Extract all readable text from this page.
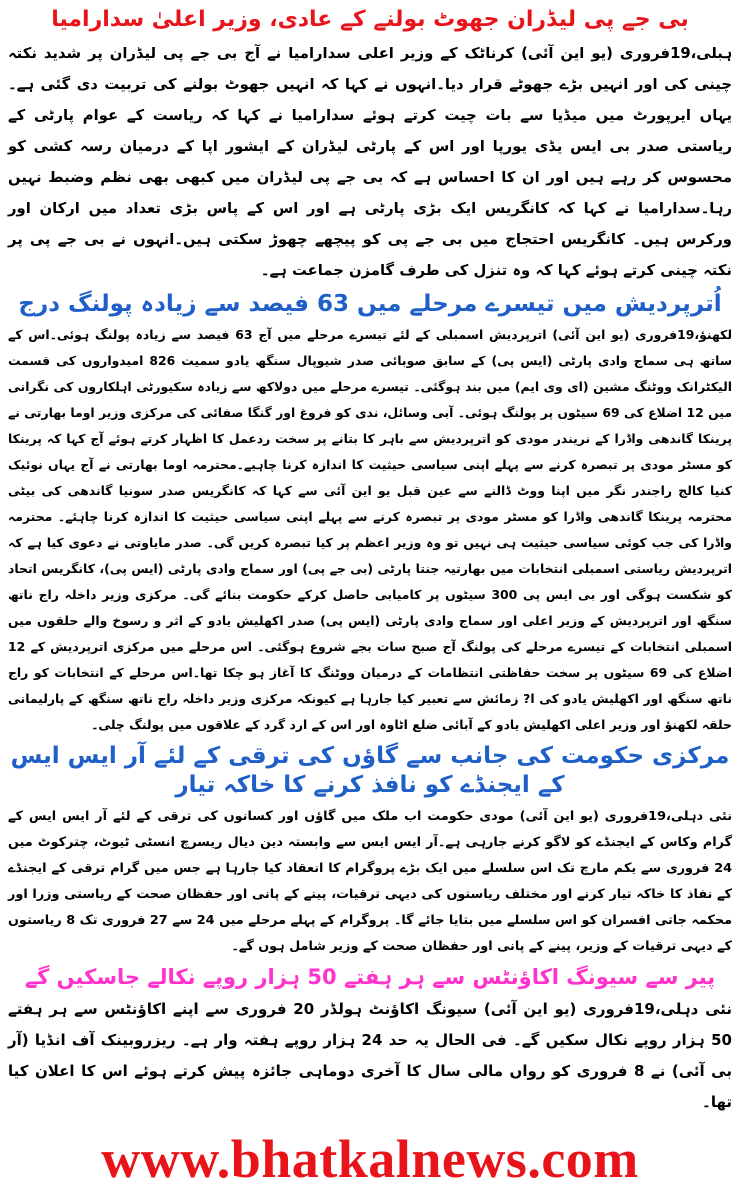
بی جے پی لیڈران جھوٹ بولنے کے عادی، وزیر اعلیٰ سدارامیا

ہبلی،19فروری (یو این آئی) کرناٹک کے وزیر اعلی سدارامیا نے آج بی جے پی لیڈران پر شدید نکتہ چینی کی اور انہیں بڑے جھوٹے قرار دیا۔انہوں نے کہا کہ انہیں جھوٹ بولنے کی تربیت دی گئی ہے۔ یہاں ایرپورٹ میں میڈیا سے بات چیت کرتے ہوئے سدارامیا نے کہا کہ ریاست کے عوام پارٹی کے ریاستی صدر بی ایس یڈی یورپا اور اس کے پارٹی لیڈران کے ایشور اپا کے درمیان رسہ کشی کو محسوس کر رہے ہیں اور ان کا احساس ہے کہ بی جے پی لیڈران میں کبھی بھی نظم وضبط نہیں رہا۔سدارامیا نے کہا کہ کانگریس ایک بڑی پارٹی ہے اور اس کے پاس بڑی تعداد میں ارکان اور ورکرس ہیں۔ کانگریس احتجاج میں بی جے پی کو پیچھے چھوڑ سکتی ہیں۔انہوں نے بی جے پی پر نکتہ چینی کرتے ہوئے کہا کہ وہ تنزل کی طرف گامزن جماعت ہے۔

اُترپردیش میں تیسرے مرحلے میں 63 فیصد سے زیادہ پولنگ درج

لکھنؤ،19فروری (یو این آئی) اترپردیش اسمبلی کے لئے تیسرے مرحلے میں آج 63 فیصد سے زیادہ پولنگ ہوئی۔اس کے ساتھ ہی سماج وادی پارٹی (ایس پی) کے سابق صوبائی صدر شیوپال سنگھ یادو سمیت 826 امیدواروں کی قسمت الیکٹرانک ووٹنگ مشین (ای وی ایم) میں بند ہوگئی۔ تیسرے مرحلے میں دولاکھ سے زیادہ سکیورٹی اہلکاروں کی نگرانی میں 12 اضلاع کی 69 سیٹوں پر پولنگ ہوئی۔ آبی وسائل، ندی کو فروغ اور گنگا صفائی کی مرکزی وزیر اوما بھارتی نے پرینکا گاندھی واڈرا کے نریندر مودی کو اترپردیش سے باہر کا بتانے پر سخت ردعمل کا اظہار کرتے ہوئے آج کہا کہ پرینکا کو مسٹر مودی پر تبصرہ کرنے سے پہلے اپنی سیاسی حیثیت کا اندازہ کرنا چاہیے۔محترمہ اوما بھارتی نے آج یہاں نوئیک کنیا کالج راجندر نگر میں اپنا ووٹ ڈالنے سے عین قبل یو این آئی سے کہا کہ کانگریس صدر سونیا گاندھی کی بیٹی محترمہ پرینکا گاندھی واڈرا کو مسٹر مودی پر تبصرہ کرنے سے پہلے اپنی سیاسی حیثیت کا اندازہ کرنا چاہئے۔ محترمہ واڈرا کی جب کوئی سیاسی حیثیت ہی نہیں تو وہ وزیر اعظم پر کیا تبصرہ کریں گی۔ صدر مایاوتی نے دعوی کیا ہے کہ اترپردیش ریاستی اسمبلی انتخابات میں بھارتیہ جنتا پارٹی (بی جے پی) اور سماج وادی پارٹی (ایس پی)، کانگریس اتحاد کو شکست ہوگی اور بی ایس پی 300 سیٹوں پر کامیابی حاصل کرکے حکومت بنائے گی۔ مرکزی وزیر داخلہ راج ناتھ سنگھ اور اترپردیش کے وزیر اعلی اور سماج وادی پارٹی (ایس پی) صدر اکھلیش یادو کے اثر و رسوخ والے حلقوں میں اسمبلی انتخابات کے تیسرے مرحلے کی پولنگ آج صبح سات بجے شروع ہوگئی۔ اس مرحلے میں مرکزی اترپردیش کے 12 اضلاع کی 69 سیٹوں پر سخت حفاظتی انتظامات کے درمیان ووٹنگ کا آغاز ہو چکا تھا۔اس مرحلے کے انتخابات کو راج ناتھ سنگھ اور اکھلیش یادو کی ا? زمائش سے تعبیر کیا جارہا ہے کیونکہ مرکزی وزیر داخلہ راج ناتھ سنگھ کے پارلیمانی حلقہ لکھنؤ اور وزیر اعلی اکھلیش یادو کے آبائی ضلع اٹاوہ اور اس کے ارد گرد کے علاقوں میں پولنگ چلی۔

مرکزی حکومت کی جانب سے گاؤں کی ترقی کے لئے آر ایس ایس کے ایجنڈے کو نافذ کرنے کا خاکہ تیار

نئی دہلی،19فروری (یو این آئی) مودی حکومت اب ملک میں گاؤں اور کسانوں کی ترقی کے لئے آر ایس ایس کے گرام وکاس کے ایجنڈے کو لاگو کرنے جارہی ہے۔آر ایس ایس سے وابستہ دین دیال ریسرچ انسٹی ٹیوٹ، چترکوٹ میں 24 فروری سے یکم مارچ تک اس سلسلے میں ایک بڑے پروگرام کا انعقاد کیا جارہا ہے جس میں گرام ترقی کے ایجنڈے کے نفاذ کا خاکہ تیار کرنے اور مختلف ریاستوں کی دیہی ترقیات، پینے کے پانی اور حفظان صحت کے ریاستی وزرا اور محکمہ جاتی افسران کو اس سلسلے میں بتایا جائے گا۔ پروگرام کے پہلے مرحلے میں 24 سے 27 فروری تک 8 ریاستوں کے دیہی ترقیات کے وزیر، پینے کے پانی اور حفظان صحت کے وزیر شامل ہوں گے۔

پیر سے سیونگ اکاؤنٹس سے ہر ہفتے 50 ہزار روپے نکالے جاسکیں گے

نئی دہلی،19فروری (یو این آئی) سیونگ اکاؤنٹ ہولڈر 20 فروری سے اپنے اکاؤنٹس سے ہر ہفتے 50 ہزار روپے نکال سکیں گے۔ فی الحال یہ حد 24 ہزار روپے ہفتہ وار ہے۔ ریزروبینک آف انڈیا (آر بی آئی) نے 8 فروری کو رواں مالی سال کا آخری دوماہی جائزہ پیش کرتے ہوئے اس کا اعلان کیا تھا۔

www.bhatkalnews.com
